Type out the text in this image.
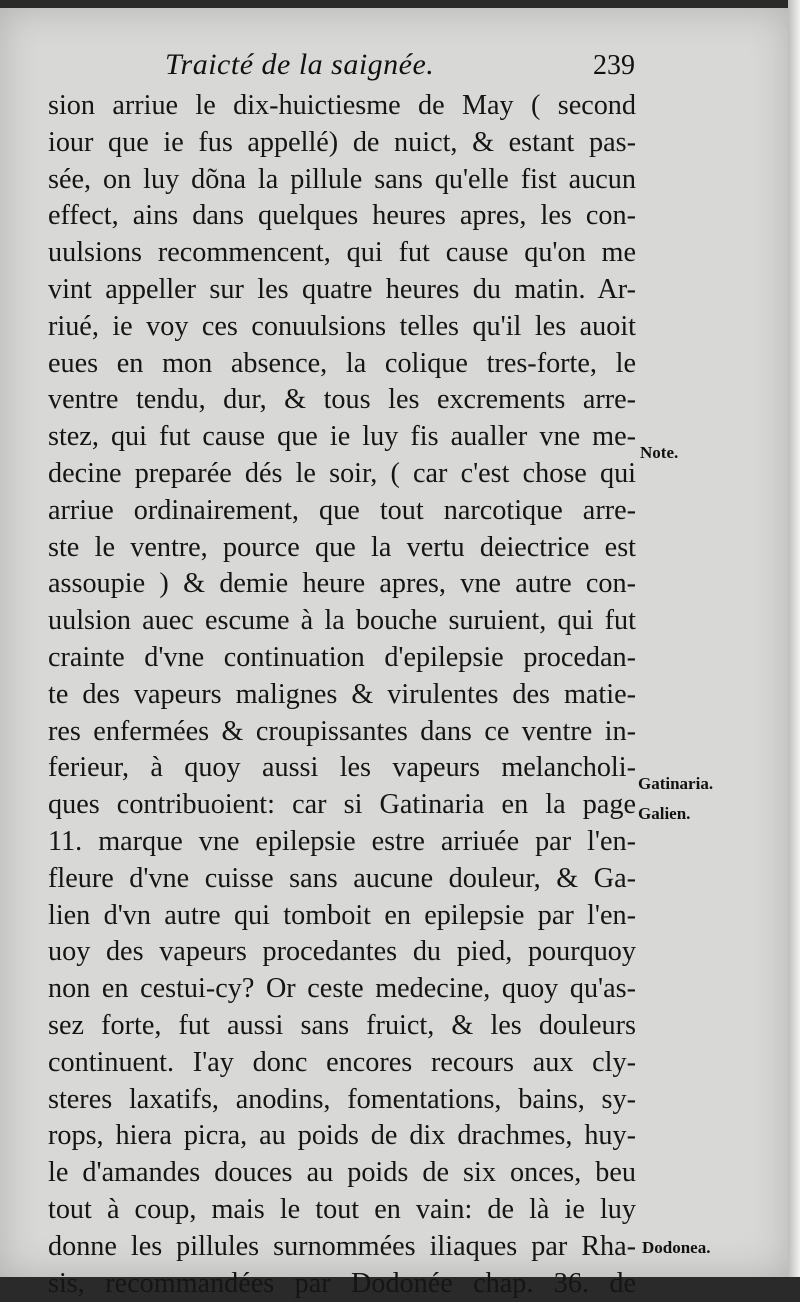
Traicté de la saignée.	239
sion arriue le dix-huictiesme de May ( second
iour que ie fus appellé) de nuict, & estant pas-
sée, on luy dõna la pillule sans qu'elle fist aucun
effect, ains dans quelques heures apres, les con-
uulsions recommencent, qui fut cause qu'on me
vint appeller sur les quatre heures du matin. Ar-
riué, ie voy ces conuulsions telles qu'il les auoit
eues en mon absence, la colique tres-forte, le
ventre tendu, dur, & tous les excrements arre-
stez, qui fut cause que ie luy fis aualler vne me-
decine preparée dés le soir, ( car c'est chose qui
arriue ordinairement, que tout narcotique arre-
ste le ventre, pource que la vertu deiectrice est
assoupie ) & demie heure apres, vne autre con-
uulsion auec escume à la bouche suruient, qui fut
crainte d'vne continuation d'epilepsie procedan-
te des vapeurs malignes & virulentes des matie-
res enfermées & croupissantes dans ce ventre in-
ferieur, à quoy aussi les vapeurs melancholi-
ques contribuoient: car si Gatinaria en la page
11. marque vne epilepsie estre arriuée par l'en-
fleure d'vne cuisse sans aucune douleur, & Ga-
lien d'vn autre qui tomboit en epilepsie par l'en-
uoy des vapeurs procedantes du pied, pourquoy
non en cestui-cy? Or ceste medecine, quoy qu'as-
sez forte, fut aussi sans fruict, & les douleurs
continuent. I'ay donc encores recours aux cly-
steres laxatifs, anodins, fomentations, bains, sy-
rops, hiera picra, au poids de dix drachmes, huy-
le d'amandes douces au poids de six onces, beu
tout à coup, mais le tout en vain: de là ie luy
donne les pillules surnommées iliaques par Rha-
sis, recommandées par Dodonée chap. 36. de
Note.
Gatinaria.
Galien.
Dodonea.
